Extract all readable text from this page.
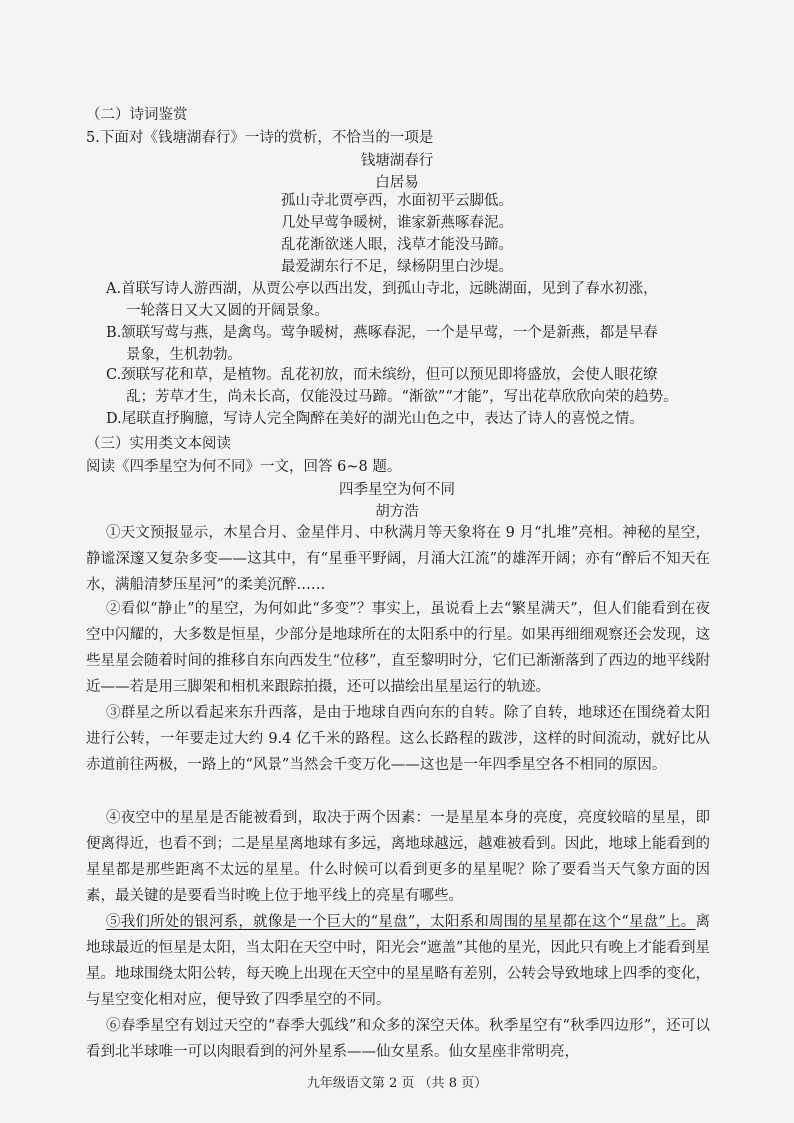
（二）诗词鉴赏
5.下面对《钱塘湖春行》一诗的赏析，不恰当的一项是
钱塘湖春行
白居易
孤山寺北贾亭西，水面初平云脚低。
几处早莺争暖树，谁家新燕啄春泥。
乱花渐欲迷人眼，浅草才能没马蹄。
最爱湖东行不足，绿杨阴里白沙堤。
A.首联写诗人游西湖，从贾公亭以西出发，到孤山寺北，远眺湖面，见到了春水初涨，
一轮落日又大又圆的开阔景象。
B.颔联写莺与燕，是禽鸟。莺争暖树，燕啄春泥，一个是早莺，一个是新燕，都是早春
景象，生机勃勃。
C.颈联写花和草，是植物。乱花初放，而未缤纷，但可以预见即将盛放，会使人眼花缭
乱；芳草才生，尚未长高，仅能没过马蹄。“渐欲”“才能”，写出花草欣欣向荣的趋势。
D.尾联直抒胸臆，写诗人完全陶醉在美好的湖光山色之中，表达了诗人的喜悦之情。
（三）实用类文本阅读
阅读《四季星空为何不同》一文，回答 6~8 题。
四季星空为何不同
胡方浩
①天文预报显示，木星合月、金星伴月、中秋满月等天象将在 9 月“扎堆”亮相。神秘的星空，静谧深邃又复杂多变——这其中，有“星垂平野阔，月涌大江流”的雄浑开阔；亦有“醉后不知天在水，满船清梦压星河”的柔美沉醉……
②看似“静止”的星空，为何如此“多变”？事实上，虽说看上去“繁星满天”，但人们能看到在夜空中闪耀的，大多数是恒星，少部分是地球所在的太阳系中的行星。如果再细细观察还会发现，这些星星会随着时间的推移自东向西发生“位移”，直至黎明时分，它们已渐渐落到了西边的地平线附近——若是用三脚架和相机来跟踪拍摄，还可以描绘出星星运行的轨迹。
③群星之所以看起来东升西落，是由于地球自西向东的自转。除了自转，地球还在围绕着太阳进行公转，一年要走过大约 9.4 亿千米的路程。这么长路程的跋涉，这样的时间流动，就好比从赤道前往两极，一路上的“风景”当然会千变万化——这也是一年四季星空各不相同的原因。
④夜空中的星星是否能被看到，取决于两个因素：一是星星本身的亮度，亮度较暗的星星，即便离得近，也看不到；二是星星离地球有多远，离地球越远，越难被看到。因此，地球上能看到的星星都是那些距离不太远的星星。什么时候可以看到更多的星星呢？除了要看当天气象方面的因素，最关键的是要看当时晚上位于地平线上的亮星有哪些。
⑤我们所处的银河系，就像是一个巨大的“星盘”，太阳系和周围的星星都在这个“星盘”上。离地球最近的恒星是太阳，当太阳在天空中时，阳光会“遮盖”其他的星光，因此只有晚上才能看到星星。地球围绕太阳公转，每天晚上出现在天空中的星星略有差别，公转会导致地球上四季的变化，与星空变化相对应，便导致了四季星空的不同。
⑥春季星空有划过天空的“春季大弧线”和众多的深空天体。秋季星空有“秋季四边形”，还可以看到北半球唯一可以肉眼看到的河外星系——仙女星系。仙女星座非常明亮，
九年级语文第 2 页 （共 8 页）
